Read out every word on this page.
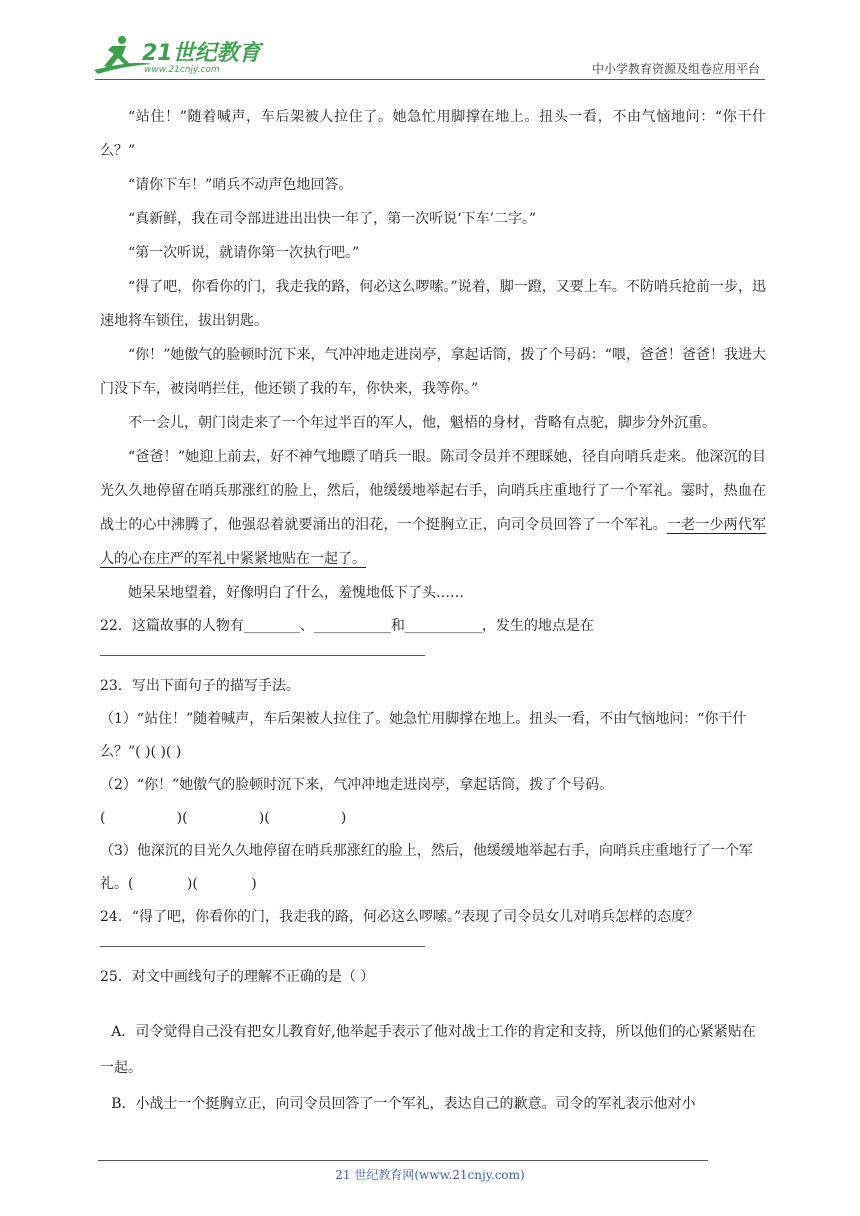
21世纪教育
www.21cnjy.com	中小学教育资源及组卷应用平台

“站住！”随着喊声，车后架被人拉住了。她急忙用脚撑在地上。扭头一看，不由气恼地问：“你干什么？”

“请你下车！”哨兵不动声色地回答。

“真新鲜，我在司令部进进出出快一年了，第一次听说‘下车’二字。”

“第一次听说，就请你第一次执行吧。”

“得了吧，你看你的门，我走我的路，何必这么啰嗦。”说着，脚一蹬，又要上车。不防哨兵抢前一步，迅速地将车锁住，拔出钥匙。

“你！”她傲气的脸顿时沉下来，气冲冲地走进岗亭，拿起话筒，拨了个号码：“喂，爸爸！爸爸！我进大门没下车，被岗哨拦住，他还锁了我的车，你快来，我等你。”

不一会儿，朝门岗走来了一个年过半百的军人，他，魁梧的身材，背略有点驼，脚步分外沉重。

“爸爸！”她迎上前去，好不神气地瞟了哨兵一眼。陈司令员并不理睬她，径自向哨兵走来。他深沉的目光久久地停留在哨兵那涨红的脸上，然后，他缓缓地举起右手，向哨兵庄重地行了一个军礼。霎时，热血在战士的心中沸腾了，他强忍着就要涌出的泪花，一个挺胸立正，向司令员回答了一个军礼。一老一少两代军人的心在庄严的军礼中紧紧地贴在一起了。

她呆呆地望着，好像明白了什么，羞愧地低下了头……

22．这篇故事的人物有________、___________和___________，发生的地点是在

23．写出下面句子的描写手法。

（1）“站住！”随着喊声，车后架被人拉住了。她急忙用脚撑在地上。扭头一看，不由气恼地问：“你干什么？”( )( )( )

（2）“你！”她傲气的脸顿时沉下来，气冲冲地走进岗亭，拿起话筒，拨了个号码。

(                )(                )(                )

（3）他深沉的目光久久地停留在哨兵那涨红的脸上，然后，他缓缓地举起右手，向哨兵庄重地行了一个军礼。(            )(            )

24．“得了吧，你看你的门，我走我的路，何必这么啰嗦。”表现了司令员女儿对哨兵怎样的态度？

25．对文中画线句子的理解不正确的是（ ）

A．司令觉得自己没有把女儿教育好,他举起手表示了他对战士工作的肯定和支持，所以他们的心紧紧贴在一起。

B．小战士一个挺胸立正，向司令员回答了一个军礼，表达自己的歉意。司令的军礼表示他对小

21 世纪教育网(www.21cnjy.com)
